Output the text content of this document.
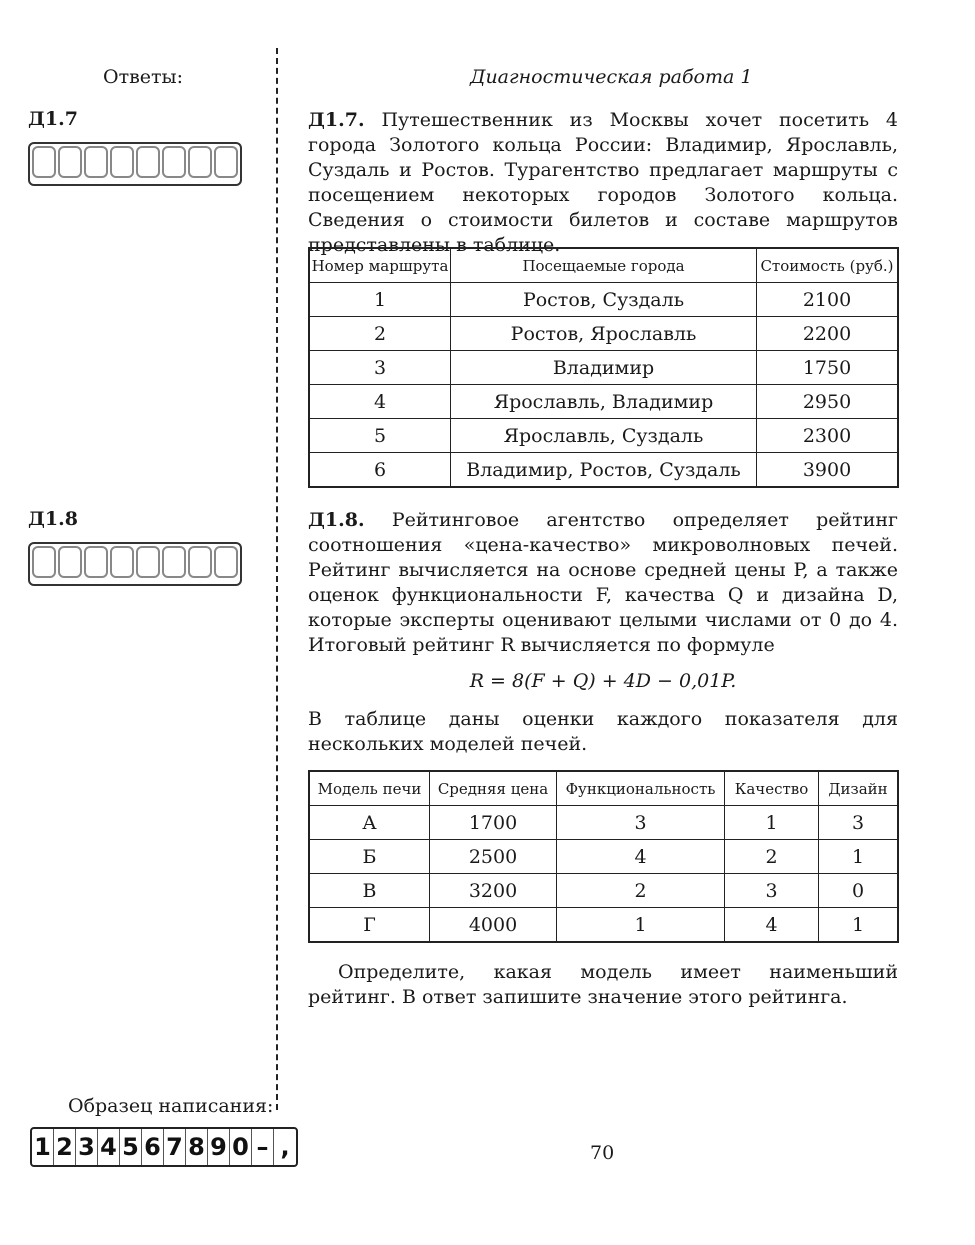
Ответы:
Д1.7
Д1.8
Образец написания:
1 2 3 4 5 6 7 8 9 0 – ,
Диагностическая работа 1
Д1.7. Путешественник из Москвы хочет посетить 4 города Золотого кольца России: Владимир, Ярославль, Суздаль и Ростов. Турагентство предлагает маршруты с посещением некоторых городов Золотого кольца. Сведения о стоимости билетов и составе маршрутов представлены в таблице.
Номер маршрута	Посещаемые города	Стоимость (руб.)
1	Ростов, Суздаль	2100
2	Ростов, Ярославль	2200
3	Владимир	1750
4	Ярославль, Владимир	2950
5	Ярославль, Суздаль	2300
6	Владимир, Ростов, Суздаль	3900
Д1.8. Рейтинговое агентство определяет рейтинг соотношения «цена-качество» микроволновых печей. Рейтинг вычисляется на основе средней цены P, а также оценок функциональности F, качества Q и дизайна D, которые эксперты оценивают целыми числами от 0 до 4. Итоговый рейтинг R вычисляется по формуле
R = 8(F + Q) + 4D − 0,01P.
В таблице даны оценки каждого показателя для нескольких моделей печей.
Модель печи	Средняя цена	Функциональность	Качество	Дизайн
А	1700	3	1	3
Б	2500	4	2	1
В	3200	2	3	0
Г	4000	1	4	1
Определите, какая модель имеет наименьший рейтинг. В ответ запишите значение этого рейтинга.
70
